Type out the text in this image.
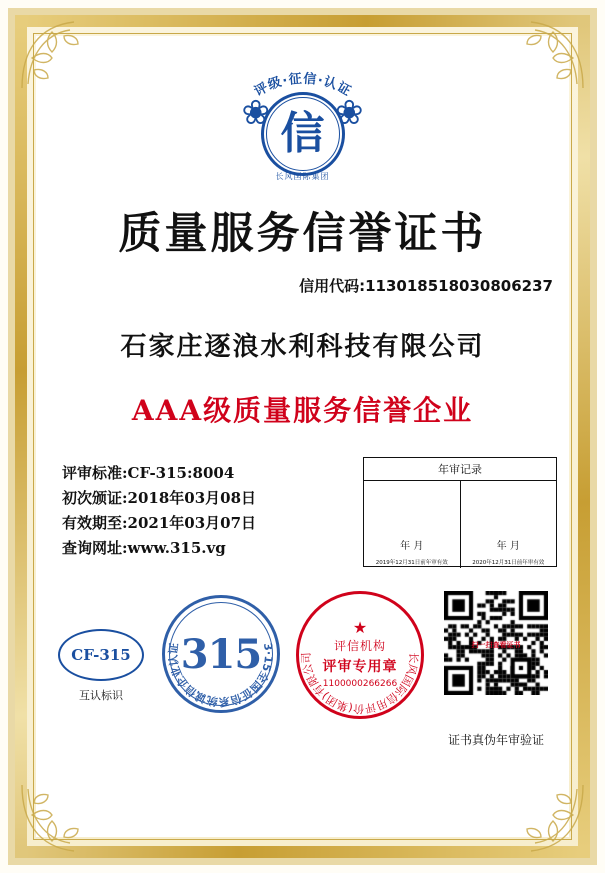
评级·征信·认证
❀ ❀
信
长风国际集团
质量服务信誉证书
信用代码:113018518030806237
石家庄逐浪水利科技有限公司
AAA级质量服务信誉企业
评审标准:CF-315:8004
初次颁证:2018年03月08日
有效期至:2021年03月07日
查询网址:www.315.vg
年审记录
年 月
2019年12月31日前年审有效
年 月
2020年12月31日前年审有效
CF-315
互认标识
3·15全国征信系统诚信企业认证 315	长风国际信用评价(集团)有限公司
★
评信机构
评审专用章
1100000266266
扫一扫查看证书
证书真伪年审验证
